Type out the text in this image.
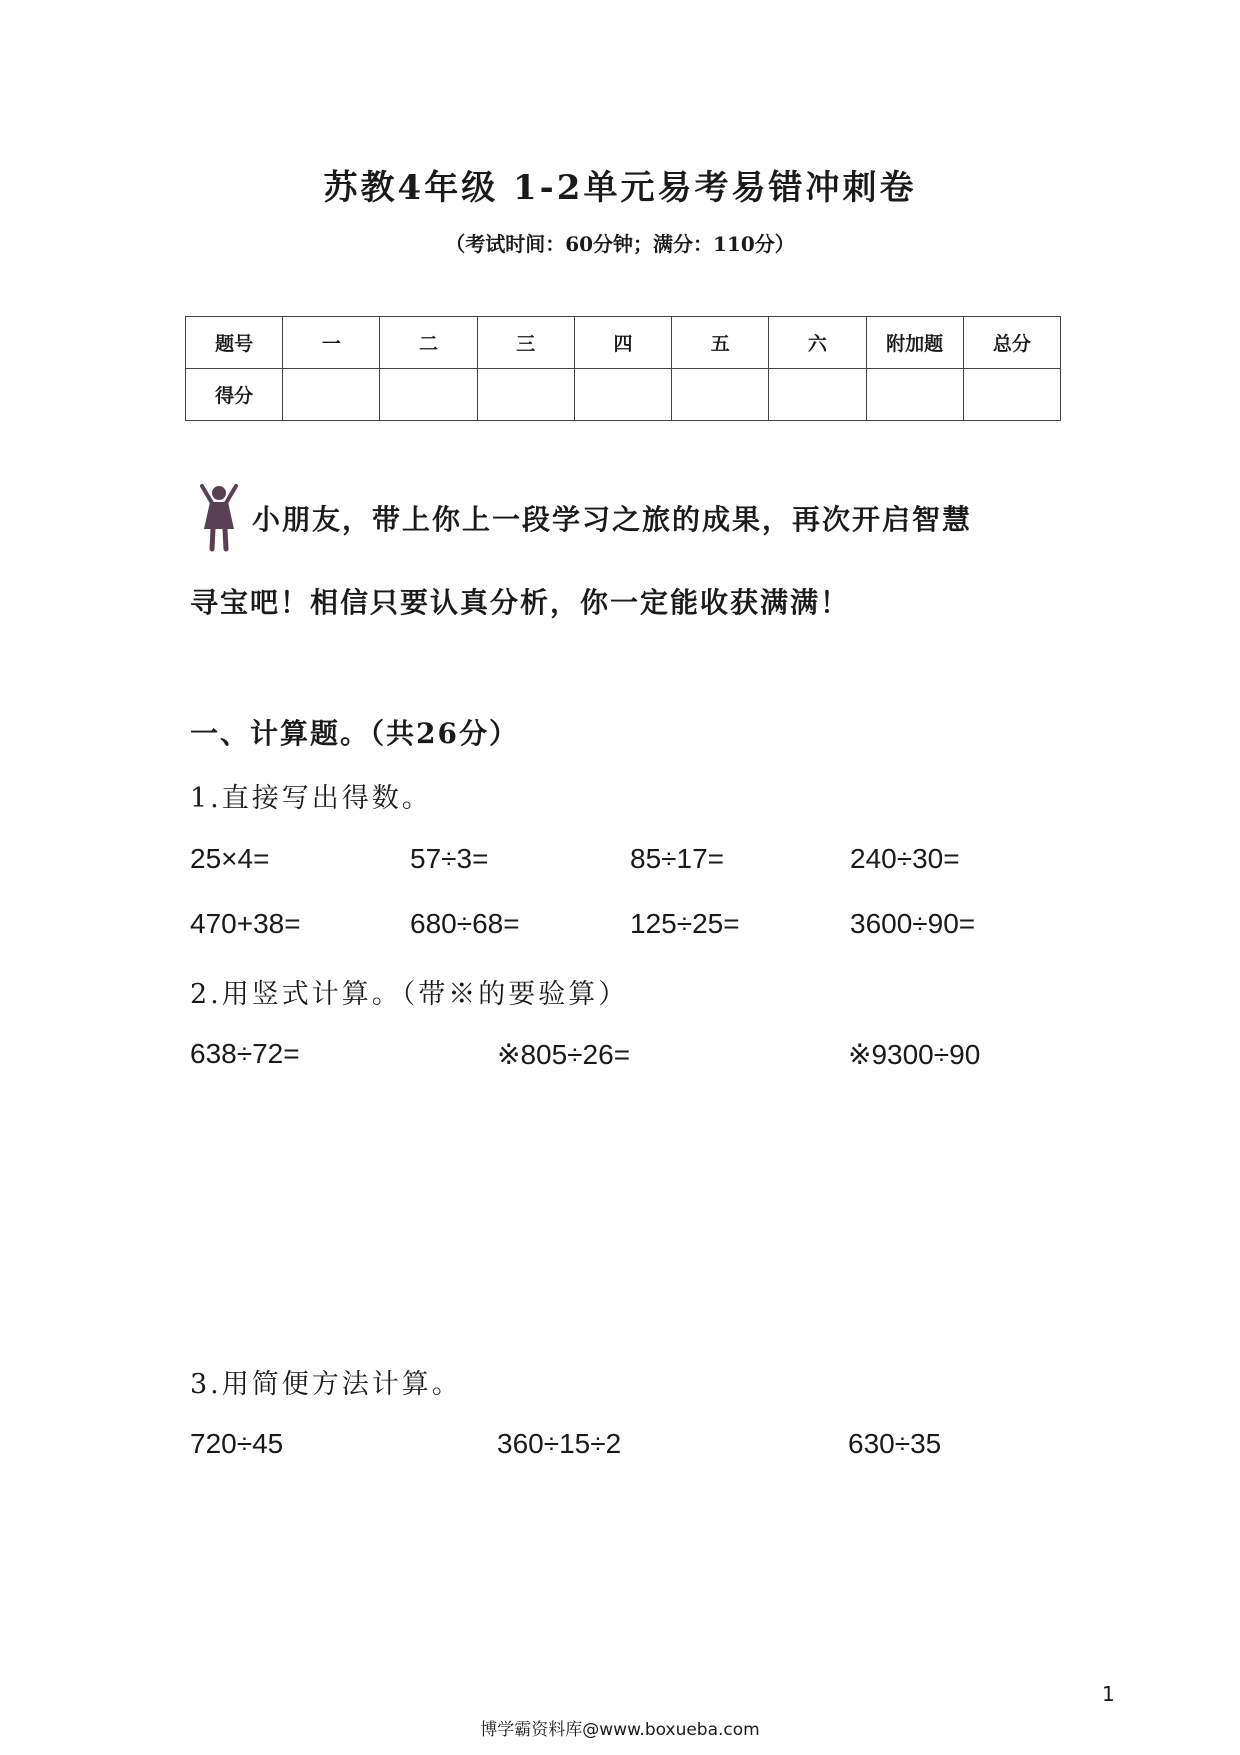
苏教4年级 1-2单元易考易错冲刺卷
（考试时间：60分钟；满分：110分）
题号	一	二	三	四	五	六	附加题	总分
得分								
小朋友，带上你上一段学习之旅的成果，再次开启智慧
寻宝吧！相信只要认真分析，你一定能收获满满！
一、计算题。（共26分）
1.直接写出得数。
25×4=	57÷3=	85÷17=	240÷30=
470+38=	680÷68=	125÷25=	3600÷90=
2.用竖式计算。（带※的要验算）
638÷72=	※805÷26=	※9300÷90
3.用简便方法计算。
720÷45	360÷15÷2	630÷35
1
博学霸资料库@www.boxueba.com
